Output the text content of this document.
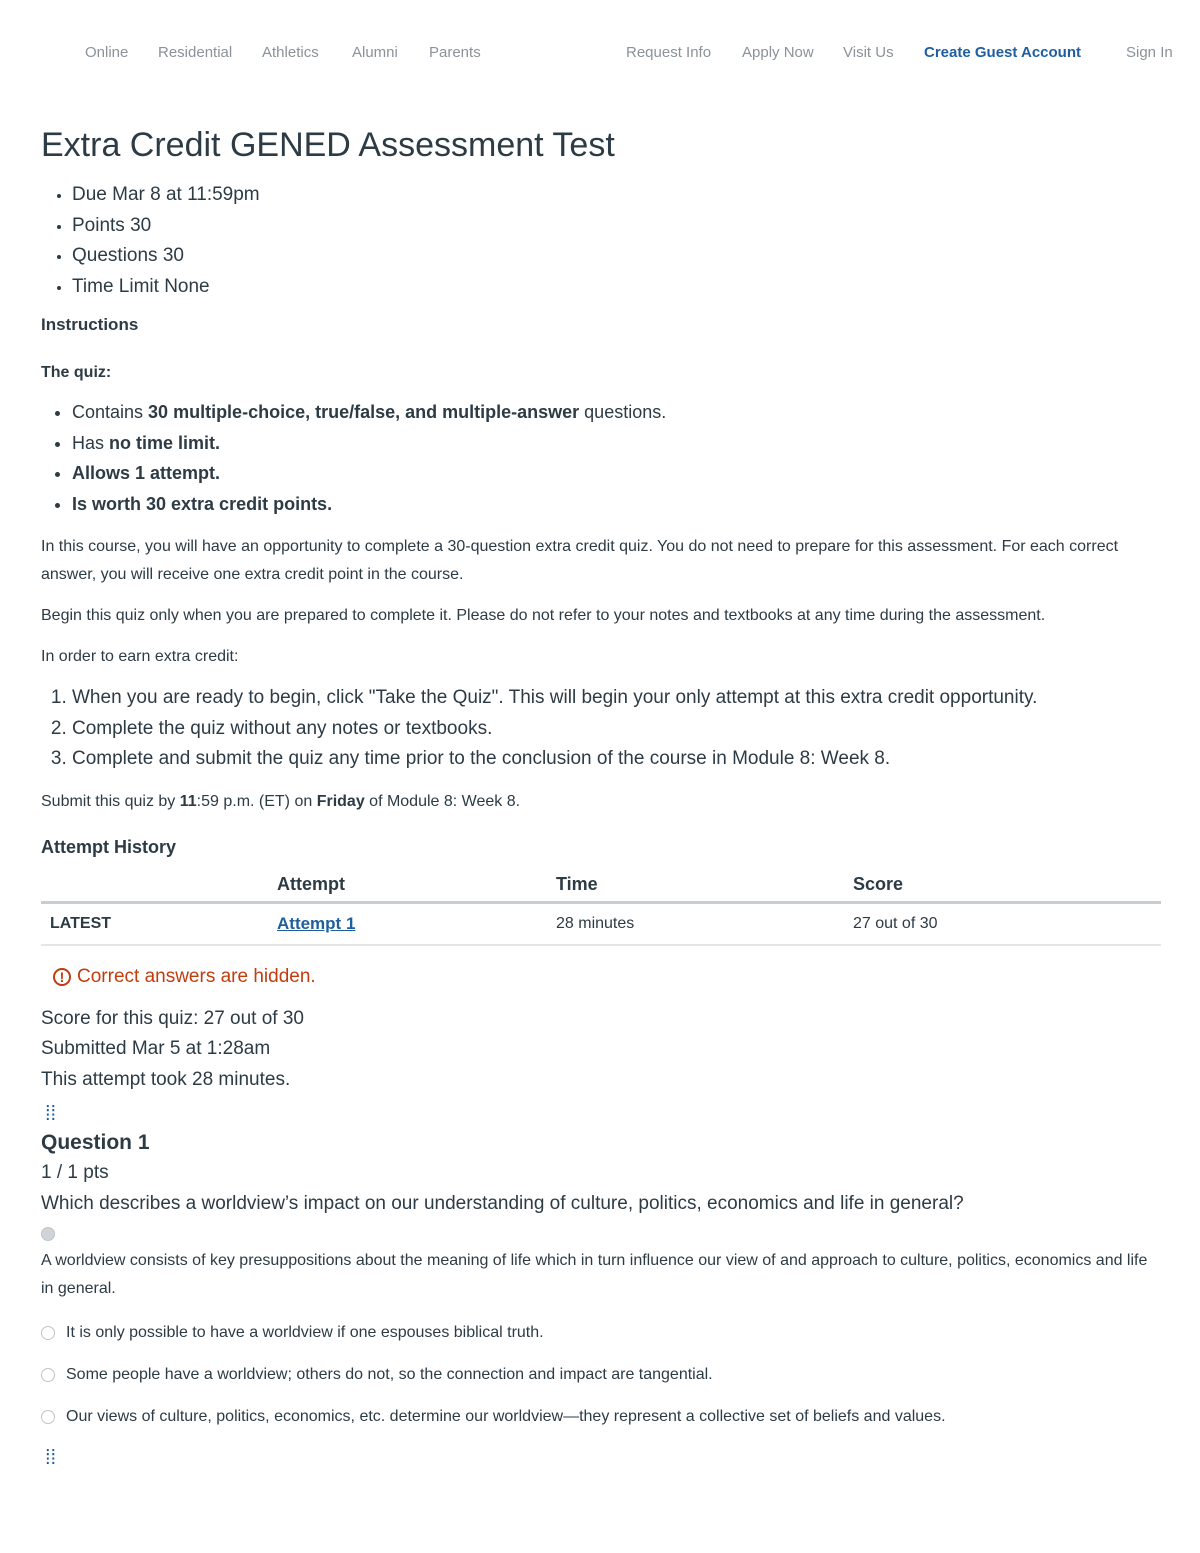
Online Residential Athletics Alumni Parents	Request Info Apply Now Visit Us Create Guest Account	Sign In
Extra Credit GENED Assessment Test
• Due Mar 8 at 11:59pm
• Points 30
• Questions 30
• Time Limit None
Instructions
The quiz:
• Contains 30 multiple-choice, true/false, and multiple-answer questions.
• Has no time limit.
• Allows 1 attempt.
• Is worth 30 extra credit points.

In this course, you will have an opportunity to complete a 30-question extra credit quiz. You do not need to prepare for this assessment. For each correct answer, you will receive one extra credit point in the course.

Begin this quiz only when you are prepared to complete it. Please do not refer to your notes and textbooks at any time during the assessment.

In order to earn extra credit:

1. When you are ready to begin, click "Take the Quiz". This will begin your only attempt at this extra credit opportunity.
2. Complete the quiz without any notes or textbooks.
3. Complete and submit the quiz any time prior to the conclusion of the course in Module 8: Week 8.

Submit this quiz by 11:59 p.m. (ET) on Friday of Module 8: Week 8.

Attempt History
	Attempt	Time	Score
LATEST	Attempt 1	28 minutes	27 out of 30
! Correct answers are hidden.
Score for this quiz: 27 out of 30
Submitted Mar 5 at 1:28am
This attempt took 28 minutes.
⁞⁞
Question 1
1 / 1 pts
Which describes a worldview’s impact on our understanding of culture, politics, economics and life in general?
A worldview consists of key presuppositions about the meaning of life which in turn influence our view of and approach to culture, politics, economics and life in general.
It is only possible to have a worldview if one espouses biblical truth.
Some people have a worldview; others do not, so the connection and impact are tangential.
Our views of culture, politics, economics, etc. determine our worldview—they represent a collective set of beliefs and values.
⁞⁞
